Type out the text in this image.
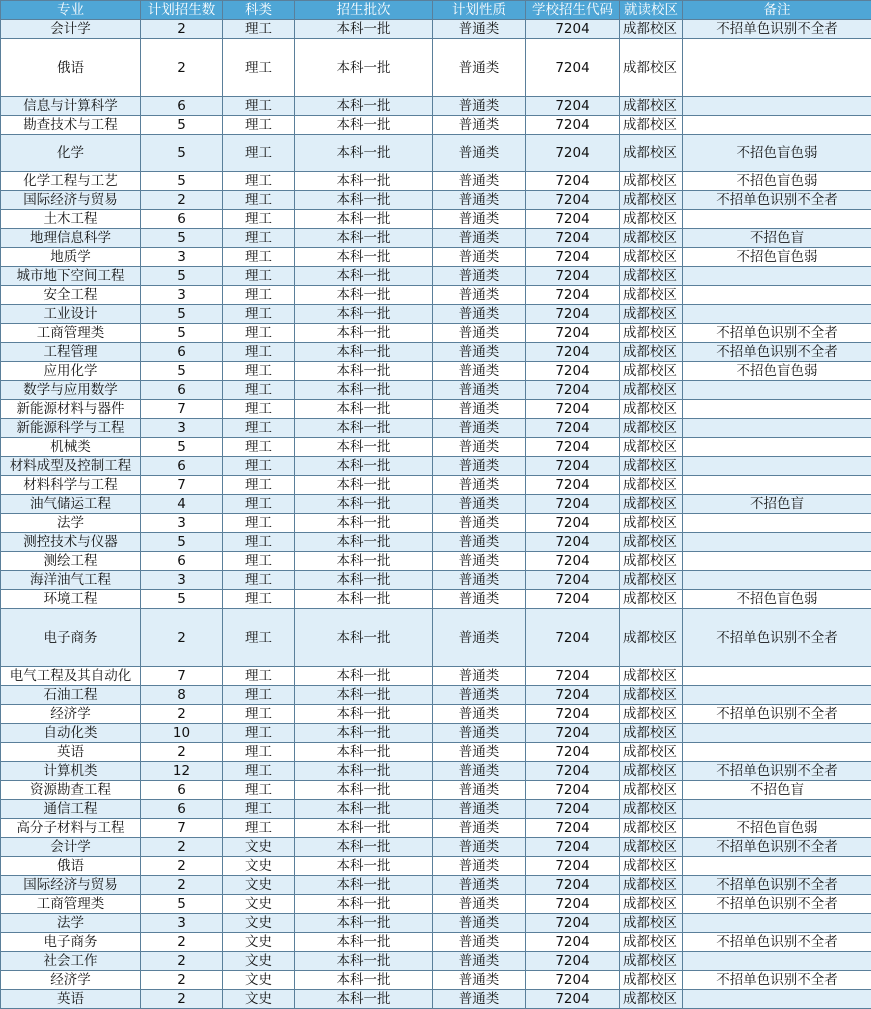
专业	计划招生数	科类	招生批次	计划性质	学校招生代码	就读校区	备注
会计学	2	理工	本科一批	普通类	7204	成都校区	不招单色识别不全者
俄语	2	理工	本科一批	普通类	7204	成都校区	
信息与计算科学	6	理工	本科一批	普通类	7204	成都校区	
勘查技术与工程	5	理工	本科一批	普通类	7204	成都校区	
化学	5	理工	本科一批	普通类	7204	成都校区	不招色盲色弱
化学工程与工艺	5	理工	本科一批	普通类	7204	成都校区	不招色盲色弱
国际经济与贸易	2	理工	本科一批	普通类	7204	成都校区	不招单色识别不全者
土木工程	6	理工	本科一批	普通类	7204	成都校区	
地理信息科学	5	理工	本科一批	普通类	7204	成都校区	不招色盲
地质学	3	理工	本科一批	普通类	7204	成都校区	不招色盲色弱
城市地下空间工程	5	理工	本科一批	普通类	7204	成都校区	
安全工程	3	理工	本科一批	普通类	7204	成都校区	
工业设计	5	理工	本科一批	普通类	7204	成都校区	
工商管理类	5	理工	本科一批	普通类	7204	成都校区	不招单色识别不全者
工程管理	6	理工	本科一批	普通类	7204	成都校区	不招单色识别不全者
应用化学	5	理工	本科一批	普通类	7204	成都校区	不招色盲色弱
数学与应用数学	6	理工	本科一批	普通类	7204	成都校区	
新能源材料与器件	7	理工	本科一批	普通类	7204	成都校区	
新能源科学与工程	3	理工	本科一批	普通类	7204	成都校区	
机械类	5	理工	本科一批	普通类	7204	成都校区	
材料成型及控制工程	6	理工	本科一批	普通类	7204	成都校区	
材料科学与工程	7	理工	本科一批	普通类	7204	成都校区	
油气储运工程	4	理工	本科一批	普通类	7204	成都校区	不招色盲
法学	3	理工	本科一批	普通类	7204	成都校区	
测控技术与仪器	5	理工	本科一批	普通类	7204	成都校区	
测绘工程	6	理工	本科一批	普通类	7204	成都校区	
海洋油气工程	3	理工	本科一批	普通类	7204	成都校区	
环境工程	5	理工	本科一批	普通类	7204	成都校区	不招色盲色弱
电子商务	2	理工	本科一批	普通类	7204	成都校区	不招单色识别不全者
电气工程及其自动化	7	理工	本科一批	普通类	7204	成都校区	
石油工程	8	理工	本科一批	普通类	7204	成都校区	
经济学	2	理工	本科一批	普通类	7204	成都校区	不招单色识别不全者
自动化类	10	理工	本科一批	普通类	7204	成都校区	
英语	2	理工	本科一批	普通类	7204	成都校区	
计算机类	12	理工	本科一批	普通类	7204	成都校区	不招单色识别不全者
资源勘查工程	6	理工	本科一批	普通类	7204	成都校区	不招色盲
通信工程	6	理工	本科一批	普通类	7204	成都校区	
高分子材料与工程	7	理工	本科一批	普通类	7204	成都校区	不招色盲色弱
会计学	2	文史	本科一批	普通类	7204	成都校区	不招单色识别不全者
俄语	2	文史	本科一批	普通类	7204	成都校区	
国际经济与贸易	2	文史	本科一批	普通类	7204	成都校区	不招单色识别不全者
工商管理类	5	文史	本科一批	普通类	7204	成都校区	不招单色识别不全者
法学	3	文史	本科一批	普通类	7204	成都校区	
电子商务	2	文史	本科一批	普通类	7204	成都校区	不招单色识别不全者
社会工作	2	文史	本科一批	普通类	7204	成都校区	
经济学	2	文史	本科一批	普通类	7204	成都校区	不招单色识别不全者
英语	2	文史	本科一批	普通类	7204	成都校区	
